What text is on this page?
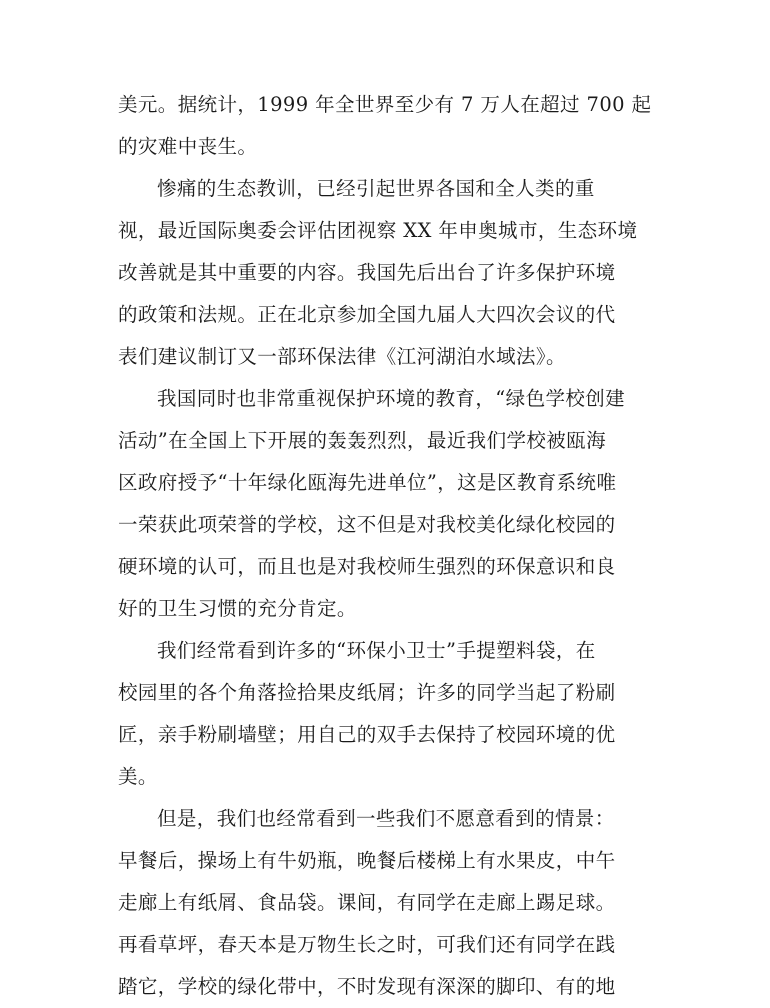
美元。据统计，1999 年全世界至少有 7 万人在超过 700 起
的灾难中丧生。

惨痛的生态教训，已经引起世界各国和全人类的重
视，最近国际奥委会评估团视察 XX 年申奥城市，生态环境
改善就是其中重要的内容。我国先后出台了许多保护环境
的政策和法规。正在北京参加全国九届人大四次会议的代
表们建议制订又一部环保法律《江河湖泊水域法》。

我国同时也非常重视保护环境的教育，“绿色学校创建
活动”在全国上下开展的轰轰烈烈，最近我们学校被瓯海
区政府授予“十年绿化瓯海先进单位”，这是区教育系统唯
一荣获此项荣誉的学校，这不但是对我校美化绿化校园的
硬环境的认可，而且也是对我校师生强烈的环保意识和良
好的卫生习惯的充分肯定。

我们经常看到许多的“环保小卫士”手提塑料袋，在
校园里的各个角落捡拾果皮纸屑；许多的同学当起了粉刷
匠，亲手粉刷墙壁；用自己的双手去保持了校园环境的优
美。

但是，我们也经常看到一些我们不愿意看到的情景：
早餐后，操场上有牛奶瓶，晚餐后楼梯上有水果皮，中午
走廊上有纸屑、食品袋。课间，有同学在走廊上踢足球。
再看草坪，春天本是万物生长之时，可我们还有同学在践
踏它，学校的绿化带中，不时发现有深深的脚印、有的地
